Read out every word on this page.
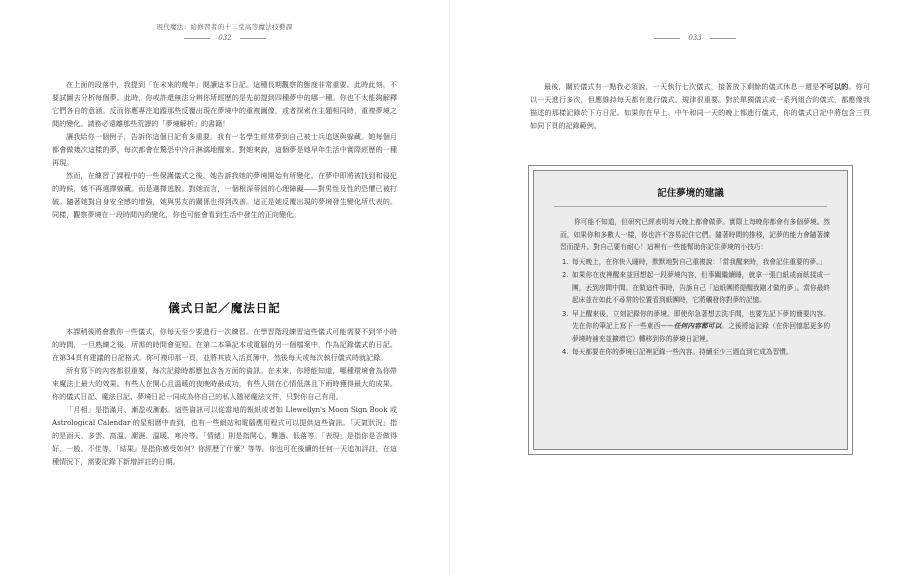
現代魔法：給修習者的十二堂高等魔法技藝課
032

在上面的段落中，我提到「在未來的幾年」閱讀這本日記。這種長期觀察的態度非常重要。此時此刻，不要試圖去分析每個夢。此時，你或許還無法分辨你所經歷的是先前提到四種夢中的哪一種。你也不太能夠解釋它們各自的意涵。反而你應專注追蹤那些反覆出現在夢境中的重複圖像，或者探索在主題相同時，重複夢境之間的變化。請務必遠離那些荒謬的「夢境解析」的書籍！

讓我給你一個例子，告訴你這個日記有多重要。我有一名學生經常夢到自己被士兵追逐與躲藏。她每個月都會做幾次這樣的夢，每次都會在驚恐中冷汗淋漓地醒來。對她來說，這個夢是她早年生活中實際經歷的一種再現。

然而，在練習了課程中的一些保護儀式之後，她告訴我她的夢境開始有所變化。在夢中即將被找到和侵犯的時候，她不再選擇躲藏。而是選擇逃脫。對她而言，一個根深蒂固的心理障礙——對男性及性的恐懼已被打破。隨著她對自身安全感的增強，她與男友的關係也得到改善。這正是她反覆出現的夢境發生變化所代表的。同樣，觀察夢境在一段時間內的變化，你也可能會看到生活中發生的正向變化。

儀式日記／魔法日記

本課稍後將會教你一些儀式，你每天至少要進行一次練習。在學習階段練習這些儀式可能需要不到半小時的時間，一旦熟練之後，所需的時間會更短。在第二本筆記本或電腦的另一個檔案中，作為記錄儀式的日記。在第34頁有建議的日記格式。你可複印那一頁，並將其放入活頁簿中，然後每天或每次執行儀式時就記錄。

所有寫下的內容都很重要，每次記錄時都應包含各方面的資訊。在未來，你將能知道，哪種環境會為你帶來魔法上最大的效果。有些人在開心且溫暖的夜晚時最成功，有些人則在心情低落且下雨時獲得最大的成果。你的儀式日記、魔法日記、夢境日記一同成為你自己的私人隱祕魔法文件，只對你自己有用。

「月相」是指滿月、漸盈或漸虧。這些資訊可以從當地的報紙或者如 Llewellyn's Moon Sign Book 或 Astrological Calendar 的星相曆中查到，也有一些網站和電腦應用程式可以提供這些資訊。「天氣狀況」指的是雨天、多雲、高溫、潮濕、溫暖、寒冷等。「情緒」則是指開心、難過、低落等。「表現」是指你是否做得好、一般、不佳等。「結果」是指你感受如何？你經歷了什麼？等等。你也可在後續的任何一天追加評註，在這種情況下，需要記錄下新增評註的日期。

033

最後，關於儀式有一點我必須說，一天執行七次儀式，接著放下剩餘的儀式休息一週是不可以的。你可以一天進行多次，但應維持每天都有進行儀式。規律很重要。對於單獨儀式或一系列組合的儀式，都應像我描述的那樣記錄於下方日記。如果你在早上、中午和同一天的晚上都進行儀式，你的儀式日記中將包含三頁如同下頁的記錄範例。

記住夢境的建議

你可能不知道，但研究已經表明每天晚上都會做夢。實際上每晚你都會有多個夢境。然而，如果你和多數人一樣，你也許不容易記住它們。隨著時間的推移，記夢的能力會隨著練習而提升。對自己要有耐心！這裡有一些能幫助你記住夢境的小技巧：

1. 每天晚上，在你快入睡時，默默地對自己重複說：「當我醒來時，我會記住重要的夢。」
2. 如果你在夜裡醒來並回想起一段夢境內容，但事關繼續睡，就拿一張白紙或面紙揉成一團，丟到房間中間。在做這件事時，告訴自己「這紙團將提醒我剛才做的夢」。當你最終起床並在如此不尋常的位置看到紙團時，它將觸發你對夢的記憶。
3. 早上醒來後，立刻記錄你的夢境。即使你急著想去洗手間，也要先記下夢的簡要內容。先在你的筆記上寫下一些東西——任何內容都可以。之後將這記錄（在你回憶起更多的夢境時補充並擴增它）轉移到你的夢境日記裡。
4. 每天都要在你的夢境日記裡記錄一些內容。持續至少三週直到它成為習慣。
